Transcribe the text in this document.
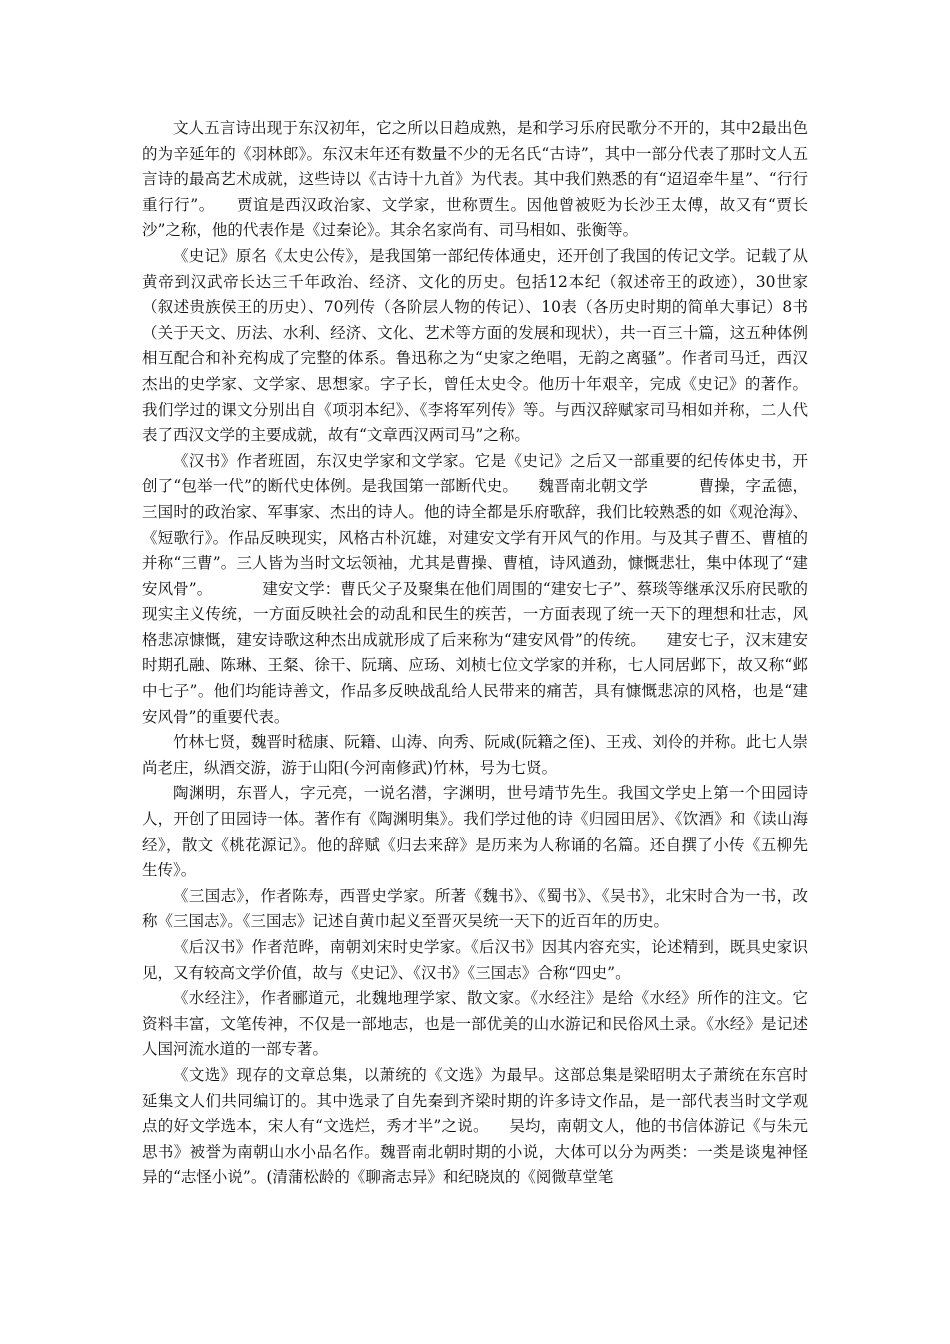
文人五言诗出现于东汉初年，它之所以日趋成熟，是和学习乐府民歌分不开的，其中2最出色的为辛延年的《羽林郎》。东汉末年还有数量不少的无名氏“古诗”，其中一部分代表了那时文人五言诗的最高艺术成就，这些诗以《古诗十九首》为代表。其中我们熟悉的有“迢迢牵牛星”、“行行重行行”。    贾谊是西汉政治家、文学家，世称贾生。因他曾被贬为长沙王太傅，故又有“贾长沙”之称，他的代表作是《过秦论》。其余名家尚有、司马相如、张衡等。

《史记》原名《太史公传》，是我国第一部纪传体通史，还开创了我国的传记文学。记载了从黄帝到汉武帝长达三千年政治、经济、文化的历史。包括12本纪（叙述帝王的政迹），30世家（叙述贵族侯王的历史）、70列传（各阶层人物的传记）、10表（各历史时期的简单大事记）8书（关于天文、历法、水利、经济、文化、艺术等方面的发展和现状），共一百三十篇，这五种体例相互配合和补充构成了完整的体系。鲁迅称之为“史家之绝唱，无韵之离骚”。作者司马迁，西汉杰出的史学家、文学家、思想家。字子长，曾任太史令。他历十年艰辛，完成《史记》的著作。我们学过的课文分别出自《项羽本纪》、《李将军列传》等。与西汉辞赋家司马相如并称，二人代表了西汉文学的主要成就，故有“文章西汉两司马”之称。

《汉书》作者班固，东汉史学家和文学家。它是《史记》之后又一部重要的纪传体史书，开创了“包举一代”的断代史体例。是我国第一部断代史。    魏晋南北朝文学          曹操，字孟德，三国时的政治家、军事家、杰出的诗人。他的诗全都是乐府歌辞，我们比较熟悉的如《观沧海》、《短歌行》。作品反映现实，风格古朴沉雄，对建安文学有开风气的作用。与及其子曹丕、曹植的并称“三曹”。三人皆为当时文坛领袖，尤其是曹操、曹植，诗风遒劲，慷慨悲壮，集中体现了“建安风骨”。          建安文学：曹氏父子及聚集在他们周围的“建安七子”、蔡琰等继承汉乐府民歌的现实主义传统，一方面反映社会的动乱和民生的疾苦，一方面表现了统一天下的理想和壮志，风格悲凉慷慨，建安诗歌这种杰出成就形成了后来称为“建安风骨”的传统。    建安七子，汉末建安时期孔融、陈琳、王粲、徐干、阮璃、应玚、刘桢七位文学家的并称，七人同居邺下，故又称“邺中七子”。他们均能诗善文，作品多反映战乱给人民带来的痛苦，具有慷慨悲凉的风格，也是“建安风骨”的重要代表。

竹林七贤，魏晋时嵇康、阮籍、山涛、向秀、阮咸(阮籍之侄)、王戎、刘伶的并称。此七人崇尚老庄，纵酒交游，游于山阳(今河南修武)竹林，号为七贤。

陶渊明，东晋人，字元亮，一说名潜，字渊明，世号靖节先生。我国文学史上第一个田园诗人，开创了田园诗一体。著作有《陶渊明集》。我们学过他的诗《归园田居》、《饮酒》和《读山海经》，散文《桃花源记》。他的辞赋《归去来辞》是历来为人称诵的名篇。还自撰了小传《五柳先生传》。

《三国志》，作者陈寿，西晋史学家。所著《魏书》、《蜀书》、《吴书》，北宋时合为一书，改称《三国志》。《三国志》记述自黄巾起义至晋灭吴统一天下的近百年的历史。

《后汉书》作者范晔，南朝刘宋时史学家。《后汉书》因其内容充实，论述精到，既具史家识见，又有较高文学价值，故与《史记》、《汉书》《三国志》合称“四史”。

《水经注》，作者郦道元，北魏地理学家、散文家。《水经注》是给《水经》所作的注文。它资料丰富，文笔传神，不仅是一部地志，也是一部优美的山水游记和民俗风土录。《水经》是记述人国河流水道的一部专著。

《文选》现存的文章总集，以萧统的《文选》为最早。这部总集是梁昭明太子萧统在东宫时延集文人们共同编订的。其中选录了自先秦到齐梁时期的许多诗文作品，是一部代表当时文学观点的好文学选本，宋人有“文选烂，秀才半”之说。    吴均，南朝文人，他的书信体游记《与朱元思书》被誉为南朝山水小品名作。魏晋南北朝时期的小说，大体可以分为两类：一类是谈鬼神怪异的“志怪小说”。(清蒲松龄的《聊斋志异》和纪晓岚的《阅微草堂笔
